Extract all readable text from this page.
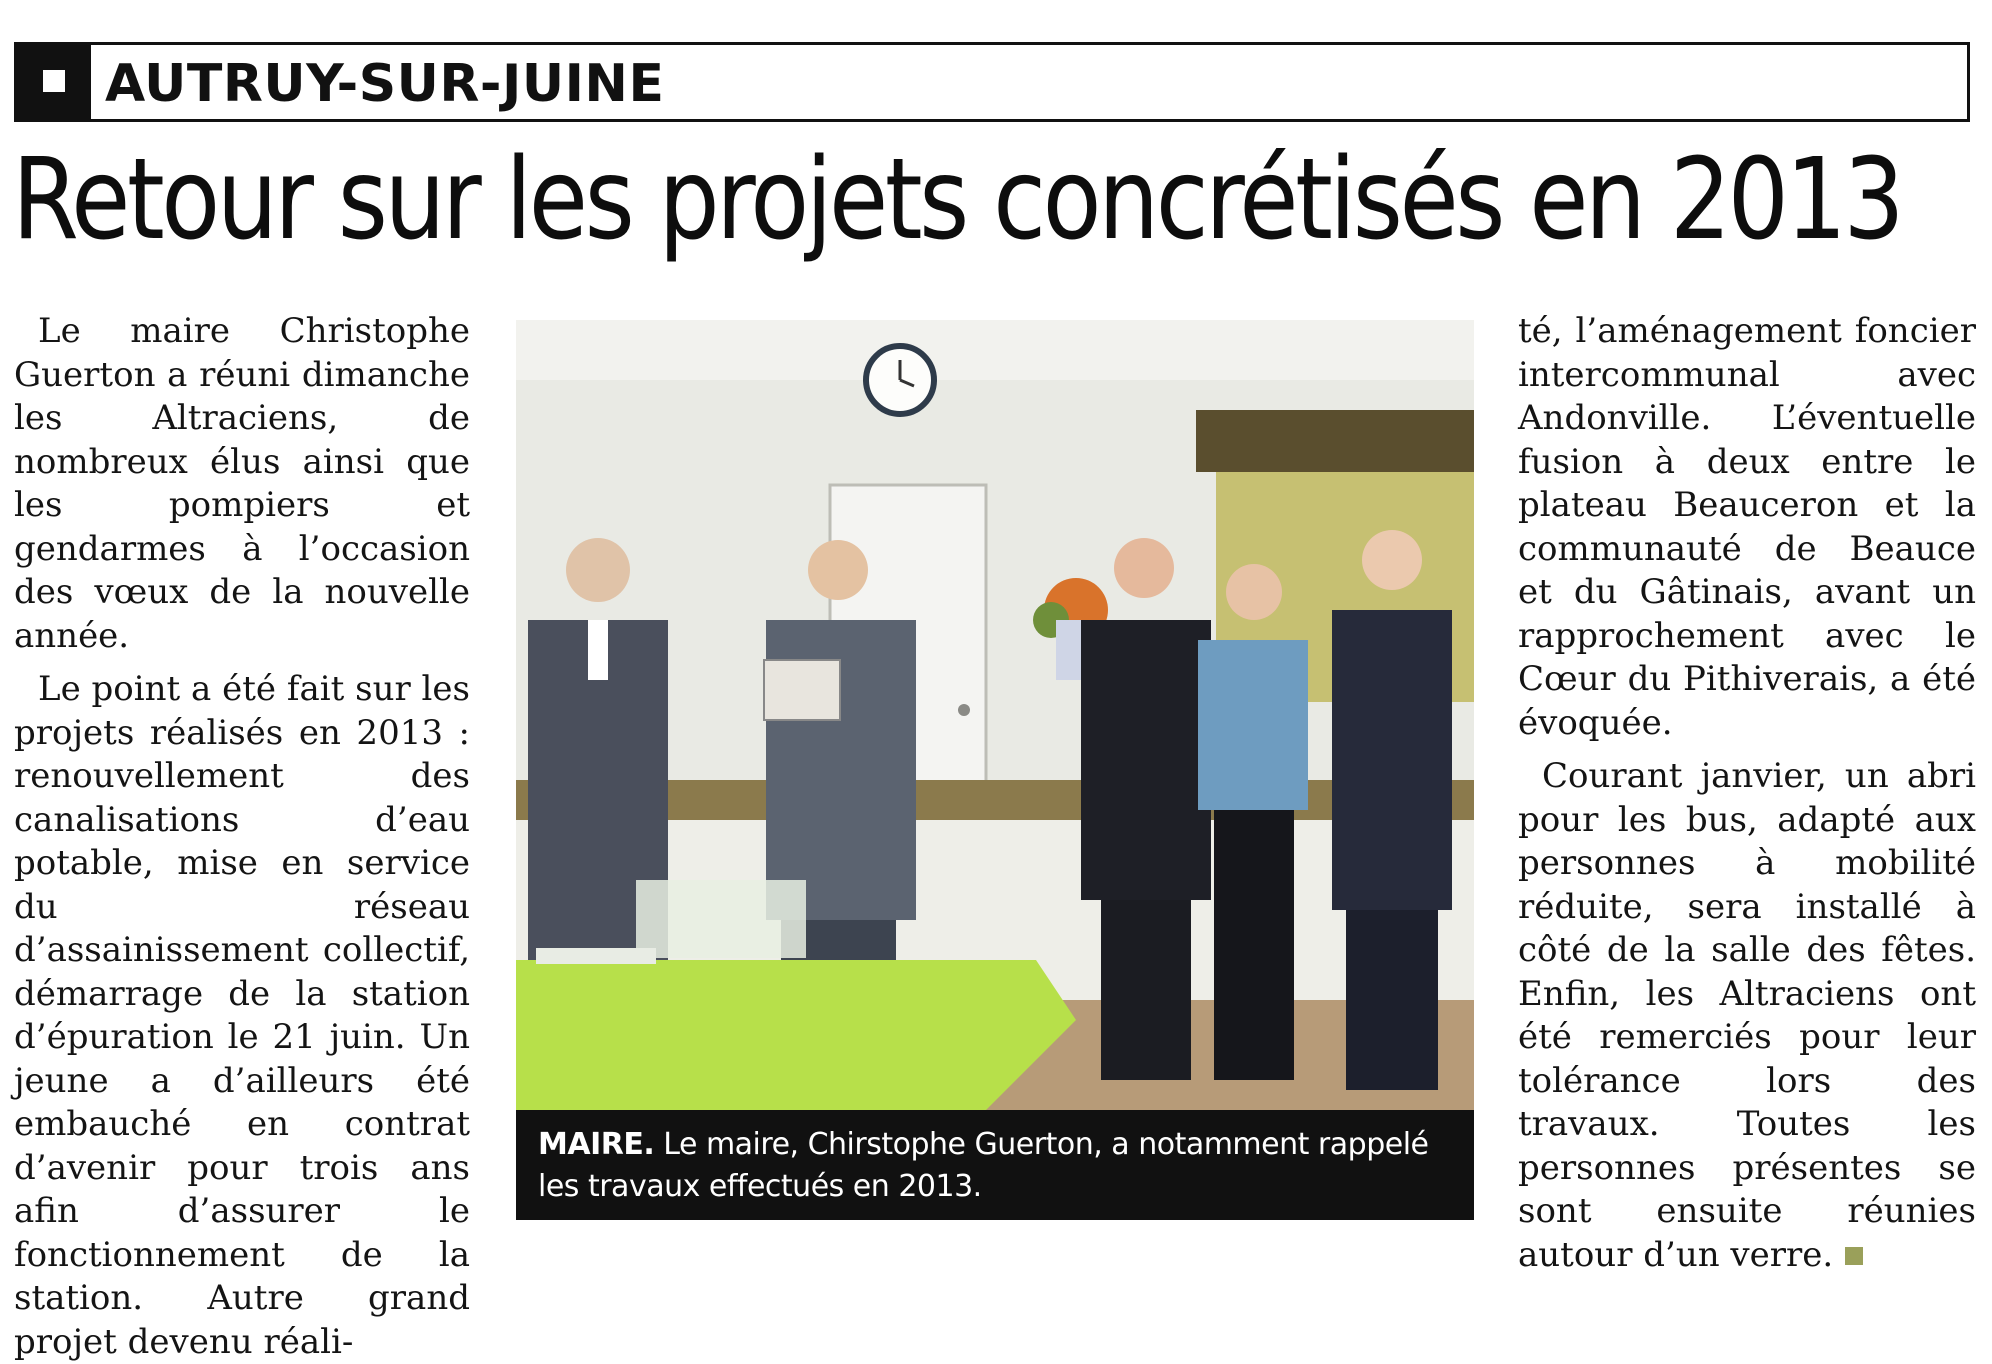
AUTRUY-SUR-JUINE
Retour sur les projets concrétisés en 2013

Le maire Christophe Guerton a réuni dimanche les Altraciens, de nombreux élus ainsi que les pompiers et gendarmes à l’occasion des vœux de la nouvelle année.

Le point a été fait sur les projets réalisés en 2013 : renouvellement des canalisations d’eau potable, mise en service du réseau d’assainissement collectif, démarrage de la station d’épuration le 21 juin. Un jeune a d’ailleurs été embauché en contrat d’avenir pour trois ans afin d’assurer le fonctionnement de la station. Autre grand projet devenu réali-

MAIRE. Le maire, Chirstophe Guerton, a notamment rappelé les travaux effectués en 2013.

té, l’aménagement foncier intercommunal avec Andonville. L’éventuelle fusion à deux entre le plateau Beauceron et la communauté de Beauce et du Gâtinais, avant un rapprochement avec le Cœur du Pithiverais, a été évoquée.

Courant janvier, un abri pour les bus, adapté aux personnes à mobilité réduite, sera installé à côté de la salle des fêtes. Enfin, les Altraciens ont été remerciés pour leur tolérance lors des travaux. Toutes les personnes présentes se sont ensuite réunies autour d’un verre.
